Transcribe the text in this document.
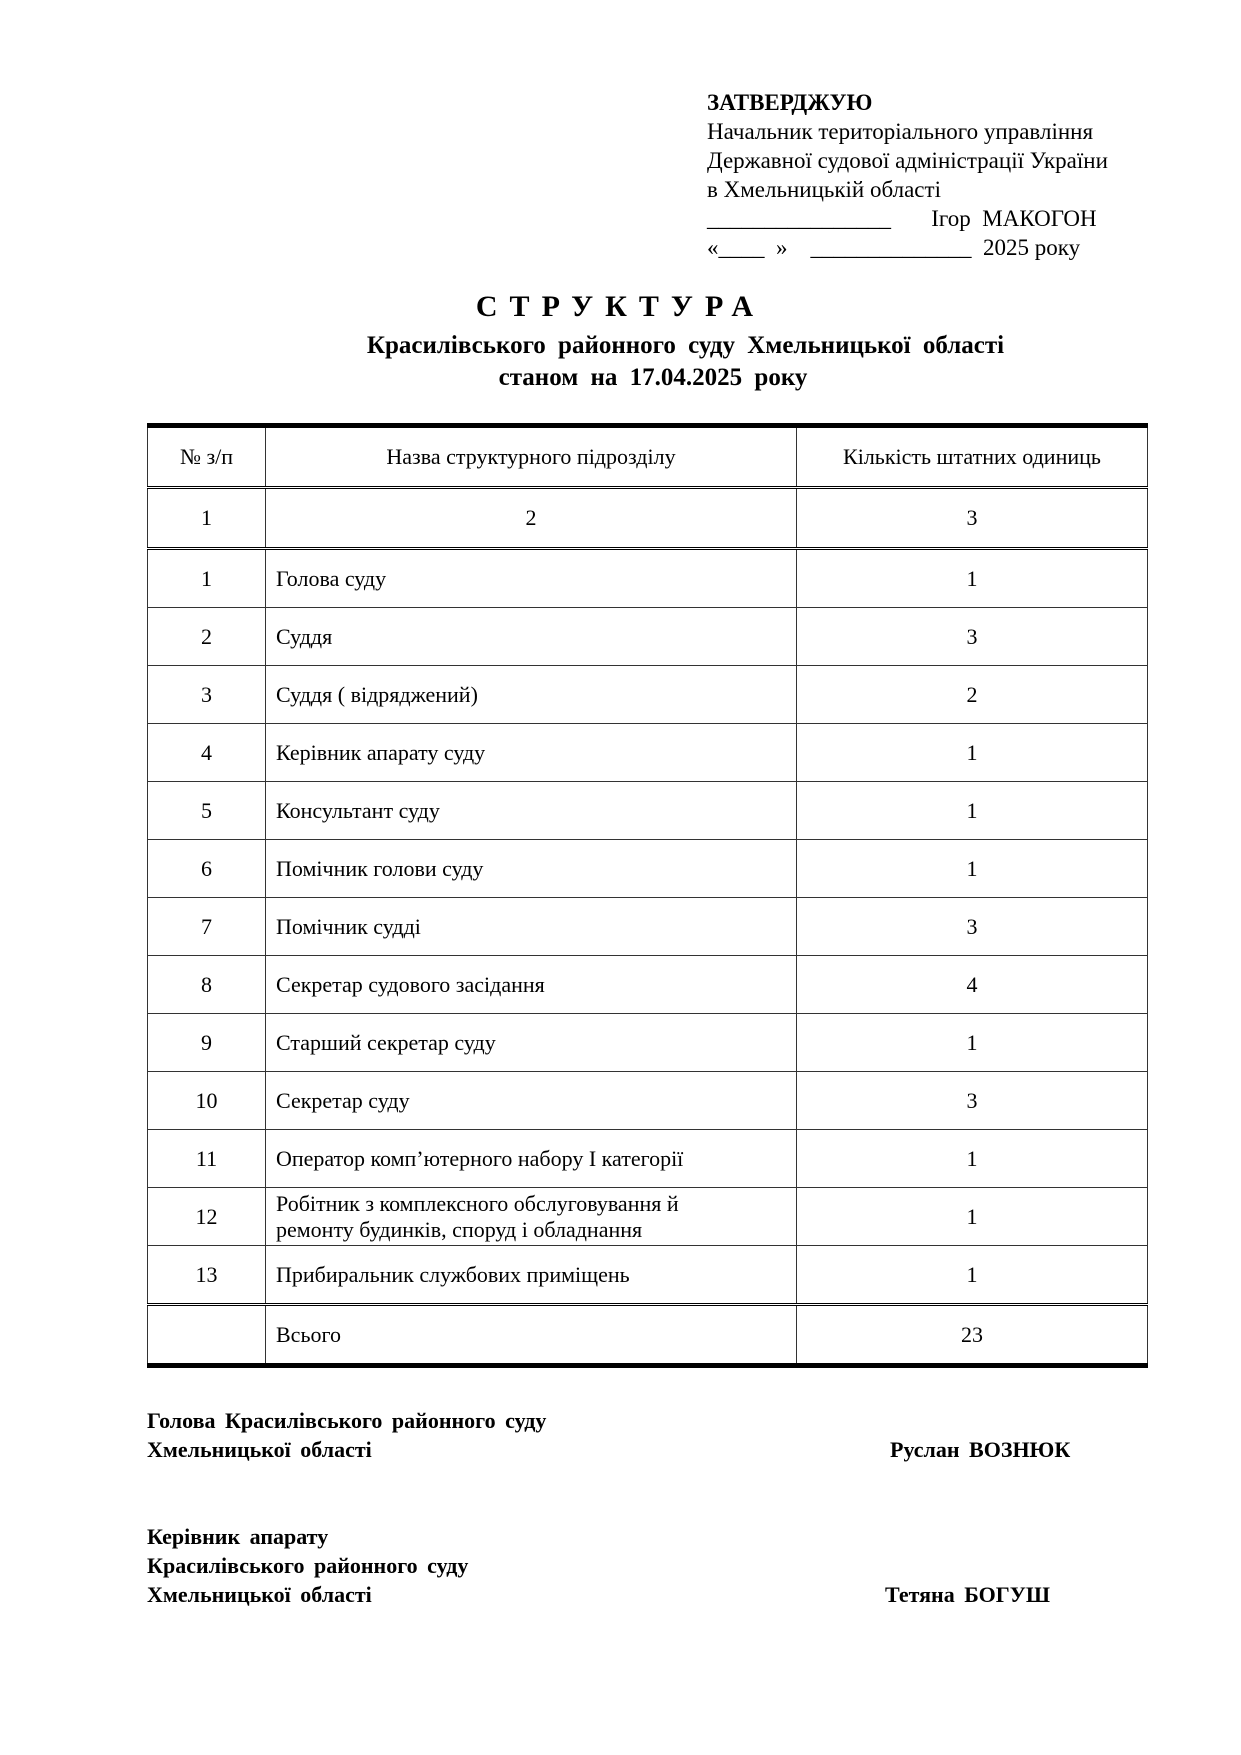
ЗАТВЕРДЖУЮ
Начальник територіального управління
Державної судової адміністрації України
в Хмельницькій області
________________       Ігор  МАКОГОН
«____  »    ______________  2025 року
СТРУКТУРА
Красилівського районного суду Хмельницької області
станом на 17.04.2025 року
№ з/п	Назва структурного підрозділу	Кількість штатних одиниць
1	2	3
1	Голова суду	1
2	Суддя	3
3	Суддя ( відряджений)	2
4	Керівник апарату суду	1
5	Консультант суду	1
6	Помічник голови суду	1
7	Помічник судді	3
8	Секретар судового засідання	4
9	Старший секретар суду	1
10	Секретар суду	3
11	Оператор комп’ютерного набору І категорії	1
12	Робітник з комплексного обслуговування й
ремонту будинків, споруд і обладнання	1
13	Прибиральник службових приміщень	1
	Всього	23
Голова Красилівського районного суду
Хмельницької області	Руслан ВОЗНЮК
Керівник апарату
Красилівського районного суду
Хмельницької області	Тетяна БОГУШ
